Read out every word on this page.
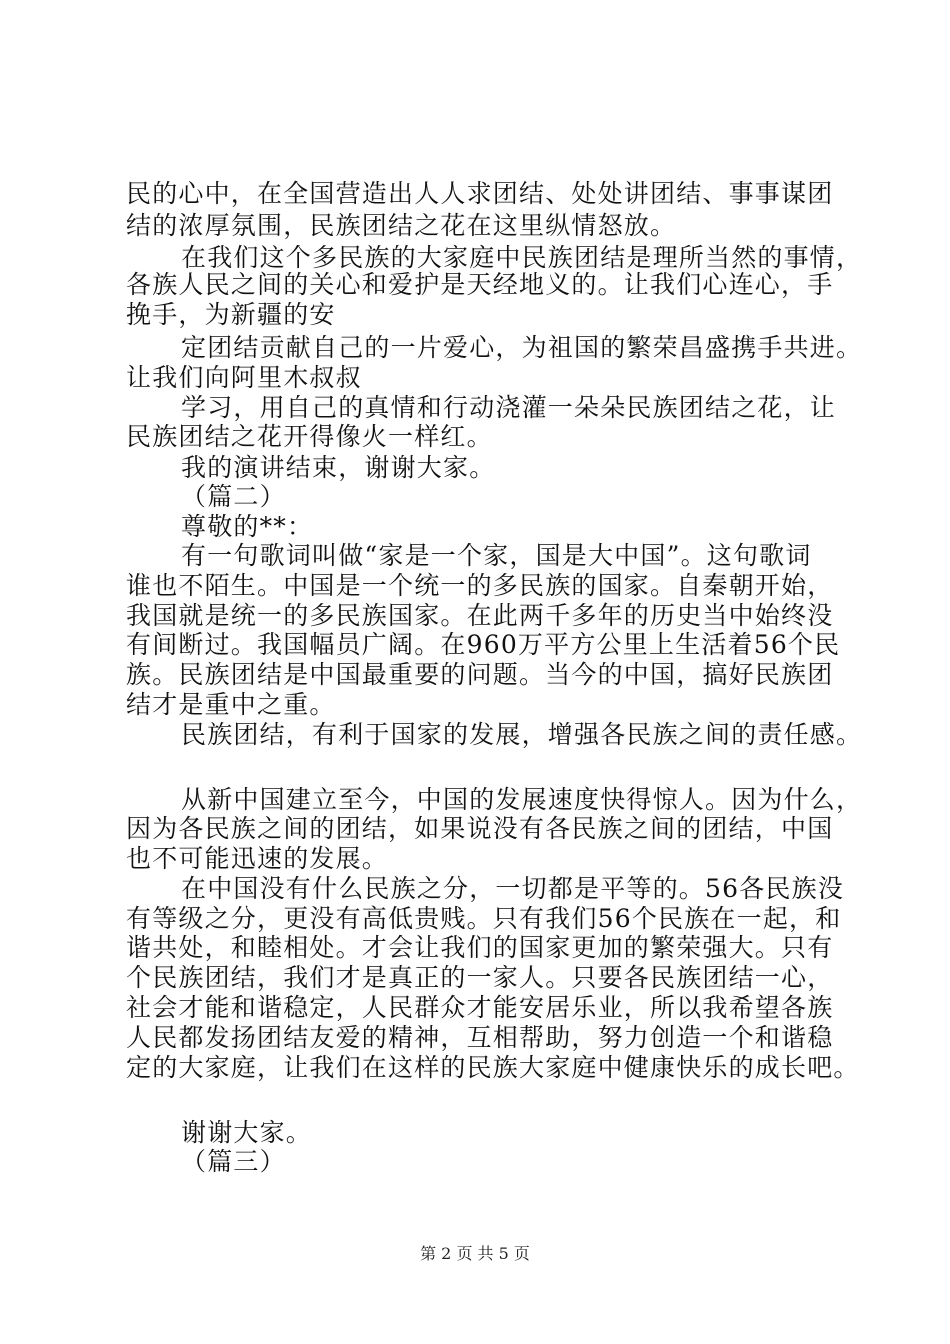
民的心中，在全国营造出人人求团结、处处讲团结、事事谋团
结的浓厚氛围，民族团结之花在这里纵情怒放。
在我们这个多民族的大家庭中民族团结是理所当然的事情，
各族人民之间的关心和爱护是天经地义的。让我们心连心，手
挽手，为新疆的安
定团结贡献自己的一片爱心，为祖国的繁荣昌盛携手共进。
让我们向阿里木叔叔
学习，用自己的真情和行动浇灌一朵朵民族团结之花，让
民族团结之花开得像火一样红。
我的演讲结束，谢谢大家。
（篇二）
尊敬的**：
有一句歌词叫做“家是一个家，国是大中国”。这句歌词
谁也不陌生。中国是一个统一的多民族的国家。自秦朝开始，
我国就是统一的多民族国家。在此两千多年的历史当中始终没
有间断过。我国幅员广阔。在960万平方公里上生活着56个民
族。民族团结是中国最重要的问题。当今的中国，搞好民族团
结才是重中之重。
民族团结，有利于国家的发展，增强各民族之间的责任感。
从新中国建立至今，中国的发展速度快得惊人。因为什么，
因为各民族之间的团结，如果说没有各民族之间的团结，中国
也不可能迅速的发展。
在中国没有什么民族之分，一切都是平等的。56各民族没
有等级之分，更没有高低贵贱。只有我们56个民族在一起，和
谐共处，和睦相处。才会让我们的国家更加的繁荣强大。只有
个民族团结，我们才是真正的一家人。只要各民族团结一心，
社会才能和谐稳定，人民群众才能安居乐业，所以我希望各族
人民都发扬团结友爱的精神，互相帮助，努力创造一个和谐稳
定的大家庭，让我们在这样的民族大家庭中健康快乐的成长吧。
谢谢大家。
（篇三）
第 2 页 共 5 页
